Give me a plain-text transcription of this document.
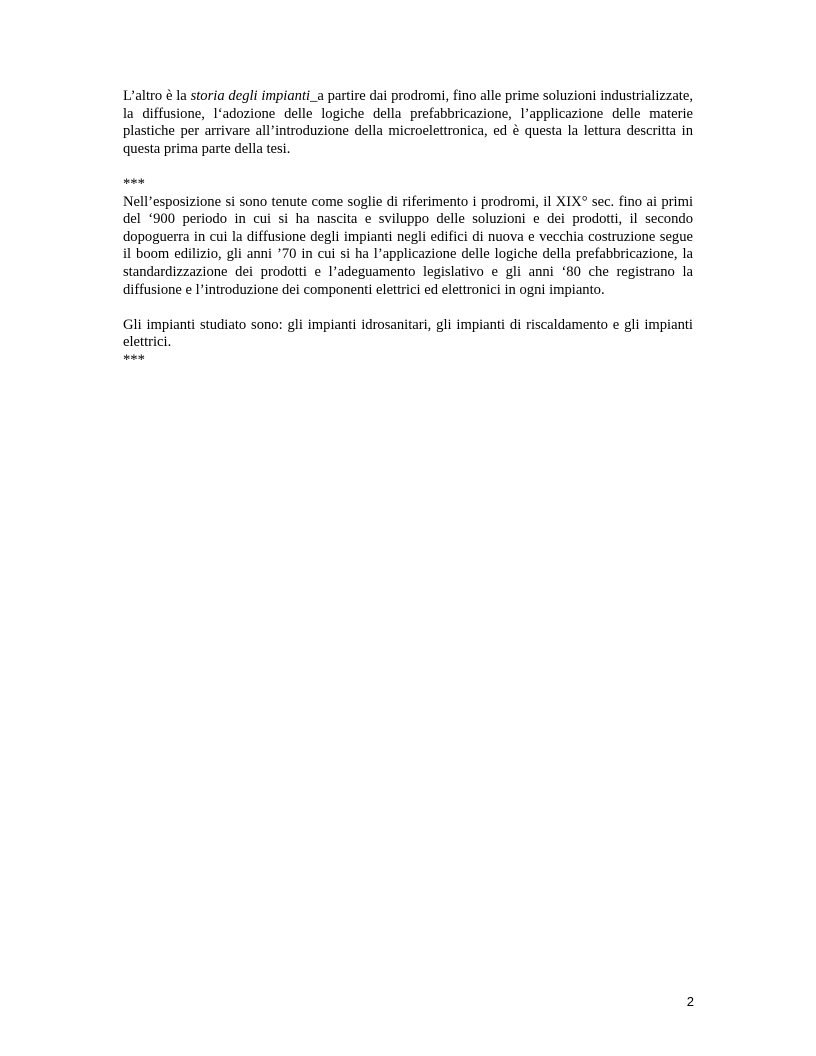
L’altro è la storia degli impianti_a partire dai prodromi, fino alle prime soluzioni industrializzate, la diffusione, l‘adozione delle logiche della prefabbricazione, l’applicazione delle materie plastiche per arrivare all’introduzione della microelettronica, ed è questa la lettura descritta in questa prima parte della tesi.

***

Nell’esposizione si sono tenute come soglie di riferimento i prodromi, il XIX° sec. fino ai primi del ‘900 periodo in cui si ha nascita e sviluppo delle soluzioni e dei prodotti, il secondo dopoguerra in cui la diffusione degli impianti negli edifici di nuova e vecchia costruzione segue il boom edilizio, gli anni ’70 in cui si ha l’applicazione delle logiche della prefabbricazione, la standardizzazione dei prodotti e l’adeguamento legislativo e gli anni ‘80 che registrano la diffusione e l’introduzione dei componenti elettrici ed elettronici in ogni impianto.

Gli impianti studiato sono: gli impianti idrosanitari, gli impianti di riscaldamento e gli impianti elettrici.

***

2
